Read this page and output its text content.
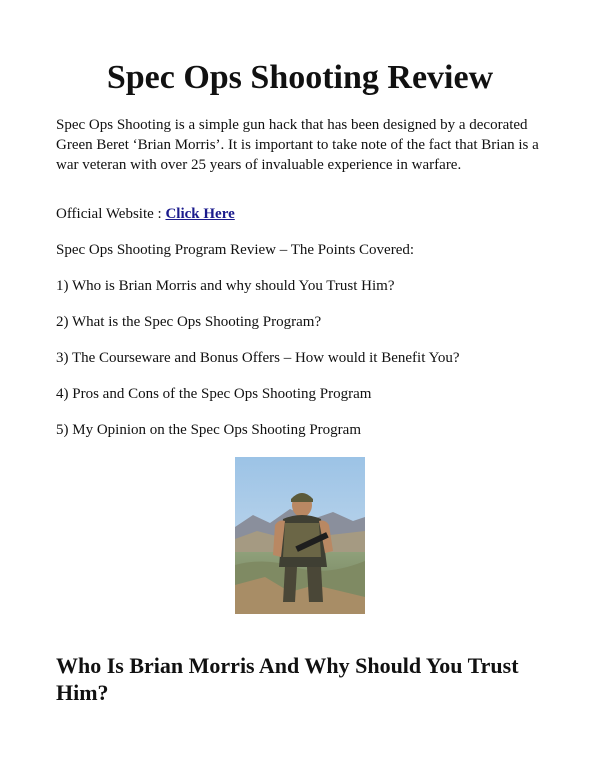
Spec Ops Shooting Review

Spec Ops Shooting is a simple gun hack that has been designed by a decorated Green Beret ‘Brian Morris’. It is important to take note of the fact that Brian is a war veteran with over 25 years of invaluable experience in warfare.

Official Website : Click Here

Spec Ops Shooting Program Review – The Points Covered:

1) Who is Brian Morris and why should You Trust Him?

2) What is the Spec Ops Shooting Program?

3) The Courseware and Bonus Offers – How would it Benefit You?

4) Pros and Cons of the Spec Ops Shooting Program

5) My Opinion on the Spec Ops Shooting Program

Who Is Brian Morris And Why Should You Trust Him?
